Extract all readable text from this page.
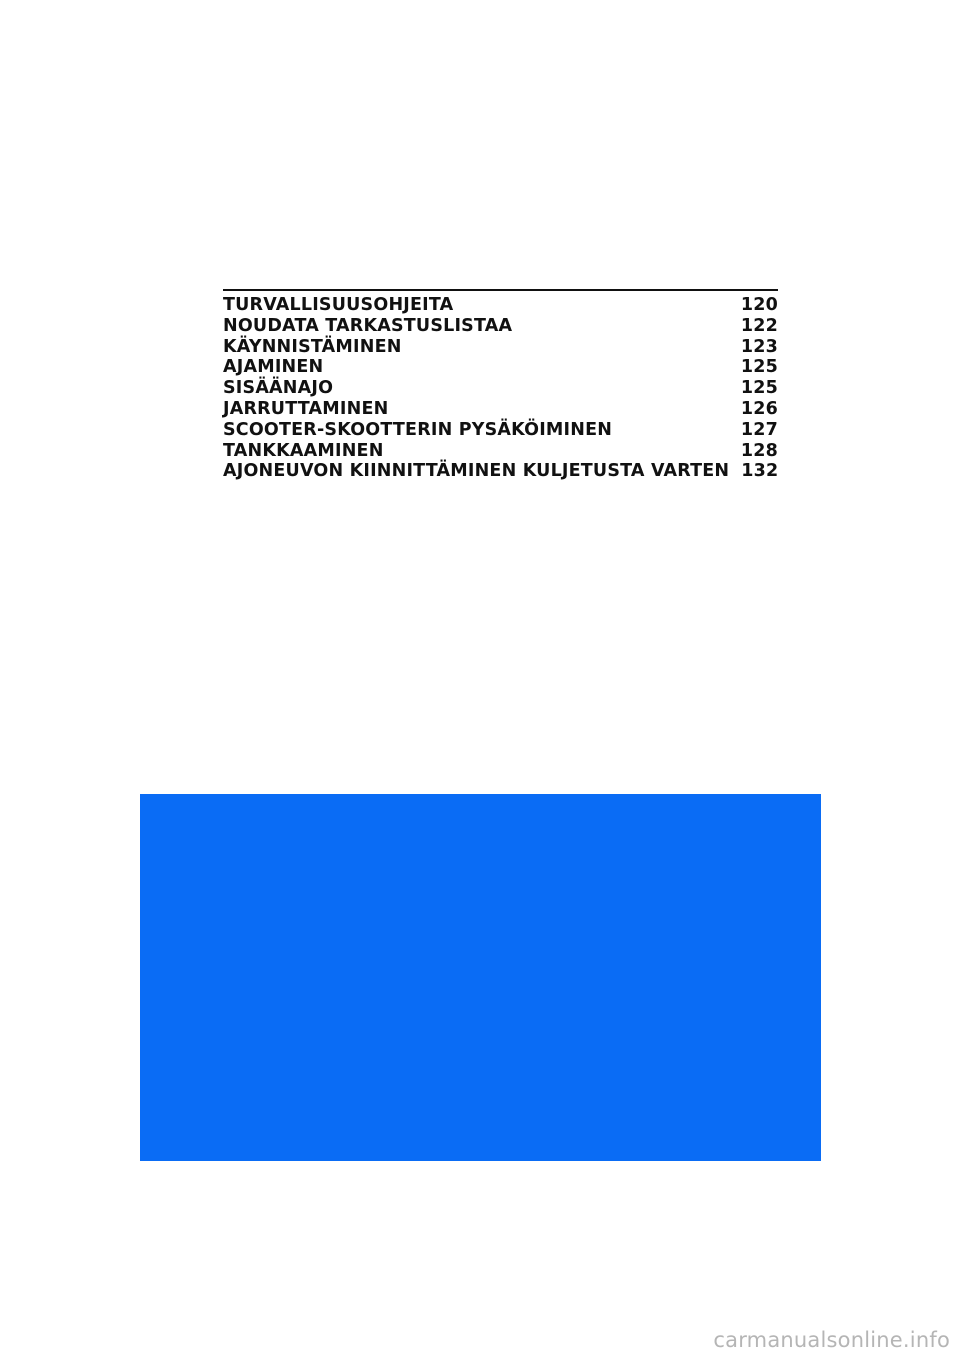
TURVALLISUUSOHJEITA	120
NOUDATA TARKASTUSLISTAA	122
KÄYNNISTÄMINEN	123
AJAMINEN	125
SISÄÄNAJO	125
JARRUTTAMINEN	126
SCOOTER-SKOOTTERIN PYSÄKÖIMINEN	127
TANKKAAMINEN	128
AJONEUVON KIINNITTÄMINEN KULJETUSTA VARTEN 132
carmanualsonline.info
